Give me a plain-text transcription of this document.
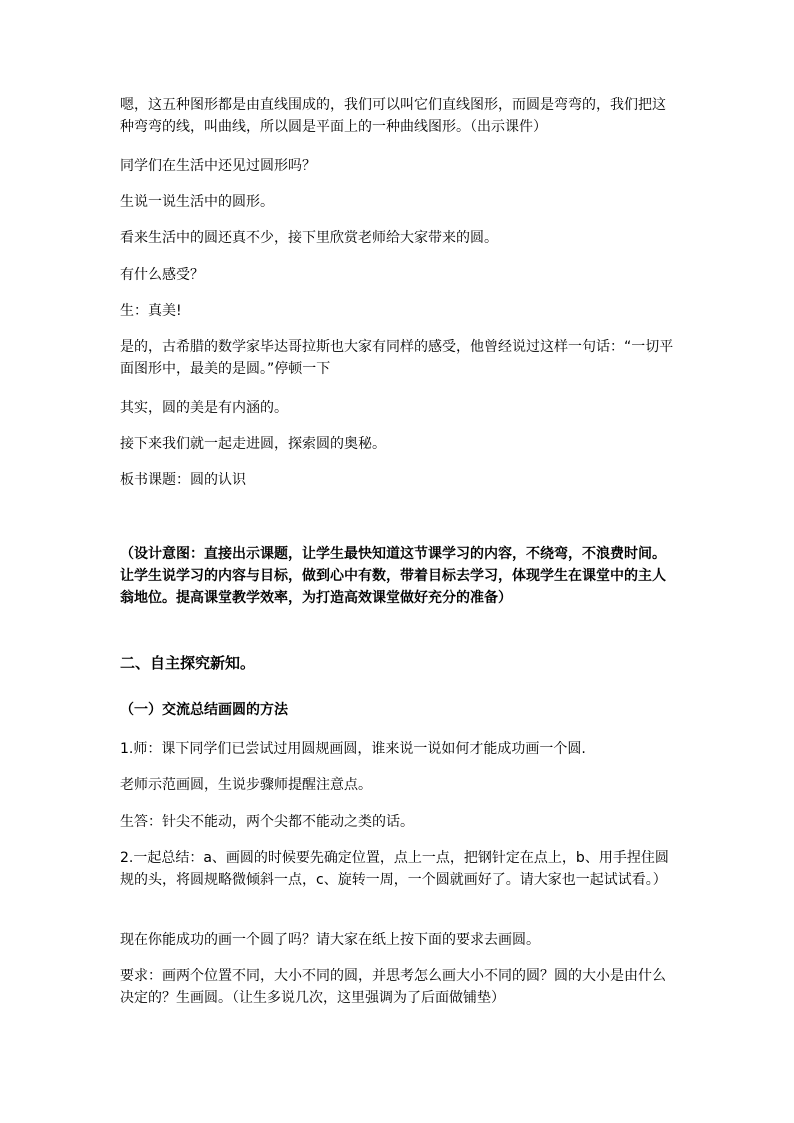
嗯，这五种图形都是由直线围成的，我们可以叫它们直线图形，而圆是弯弯的，我们把这种弯弯的线，叫曲线，所以圆是平面上的一种曲线图形。（出示课件）

同学们在生活中还见过圆形吗？

生说一说生活中的圆形。

看来生活中的圆还真不少，接下里欣赏老师给大家带来的圆。

有什么感受？

生：真美!

是的，古希腊的数学家毕达哥拉斯也大家有同样的感受，他曾经说过这样一句话：“一切平面图形中，最美的是圆。”停顿一下

其实，圆的美是有内涵的。

接下来我们就一起走进圆，探索圆的奥秘。

板书课题：圆的认识

（设计意图：直接出示课题，让学生最快知道这节课学习的内容，不绕弯，不浪费时间。让学生说学习的内容与目标，做到心中有数，带着目标去学习，体现学生在课堂中的主人翁地位。提高课堂教学效率，为打造高效课堂做好充分的准备）

二、自主探究新知。

（一）交流总结画圆的方法

1.师：课下同学们已尝试过用圆规画圆，谁来说一说如何才能成功画一个圆.

老师示范画圆，生说步骤师提醒注意点。

生答：针尖不能动，两个尖都不能动之类的话。

2.一起总结：a、画圆的时候要先确定位置，点上一点，把钢针定在点上，b、用手捏住圆规的头，将圆规略微倾斜一点，c、旋转一周，一个圆就画好了。请大家也一起试试看。）

现在你能成功的画一个圆了吗？请大家在纸上按下面的要求去画圆。

要求：画两个位置不同，大小不同的圆，并思考怎么画大小不同的圆？圆的大小是由什么决定的？生画圆。（让生多说几次，这里强调为了后面做铺垫）
